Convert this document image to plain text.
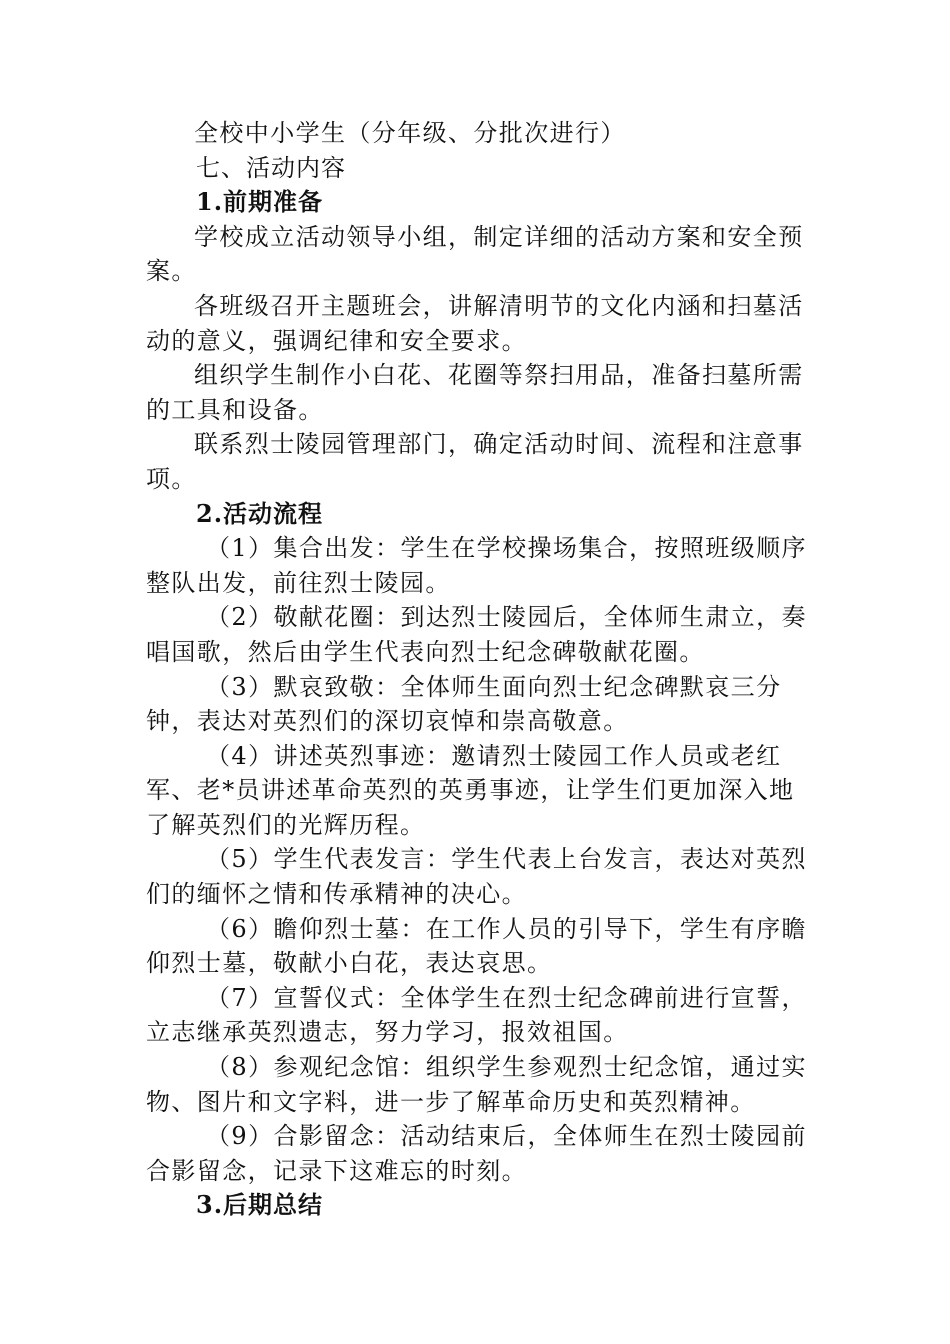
全校中小学生（分年级、分批次进行）

七、活动内容

1.前期准备

学校成立活动领导小组，制定详细的活动方案和安全预案。

各班级召开主题班会，讲解清明节的文化内涵和扫墓活动的意义，强调纪律和安全要求。

组织学生制作小白花、花圈等祭扫用品，准备扫墓所需的工具和设备。

联系烈士陵园管理部门，确定活动时间、流程和注意事项。

2.活动流程

（1）集合出发：学生在学校操场集合，按照班级顺序整队出发，前往烈士陵园。

（2）敬献花圈：到达烈士陵园后，全体师生肃立，奏唱国歌，然后由学生代表向烈士纪念碑敬献花圈。

（3）默哀致敬：全体师生面向烈士纪念碑默哀三分钟，表达对英烈们的深切哀悼和崇高敬意。

（4）讲述英烈事迹：邀请烈士陵园工作人员或老红军、老*员讲述革命英烈的英勇事迹，让学生们更加深入地了解英烈们的光辉历程。

（5）学生代表发言：学生代表上台发言，表达对英烈们的缅怀之情和传承精神的决心。

（6）瞻仰烈士墓：在工作人员的引导下，学生有序瞻仰烈士墓，敬献小白花，表达哀思。

（7）宣誓仪式：全体学生在烈士纪念碑前进行宣誓，立志继承英烈遗志，努力学习，报效祖国。

（8）参观纪念馆：组织学生参观烈士纪念馆，通过实物、图片和文字料，进一步了解革命历史和英烈精神。

（9）合影留念：活动结束后，全体师生在烈士陵园前合影留念，记录下这难忘的时刻。

3.后期总结
